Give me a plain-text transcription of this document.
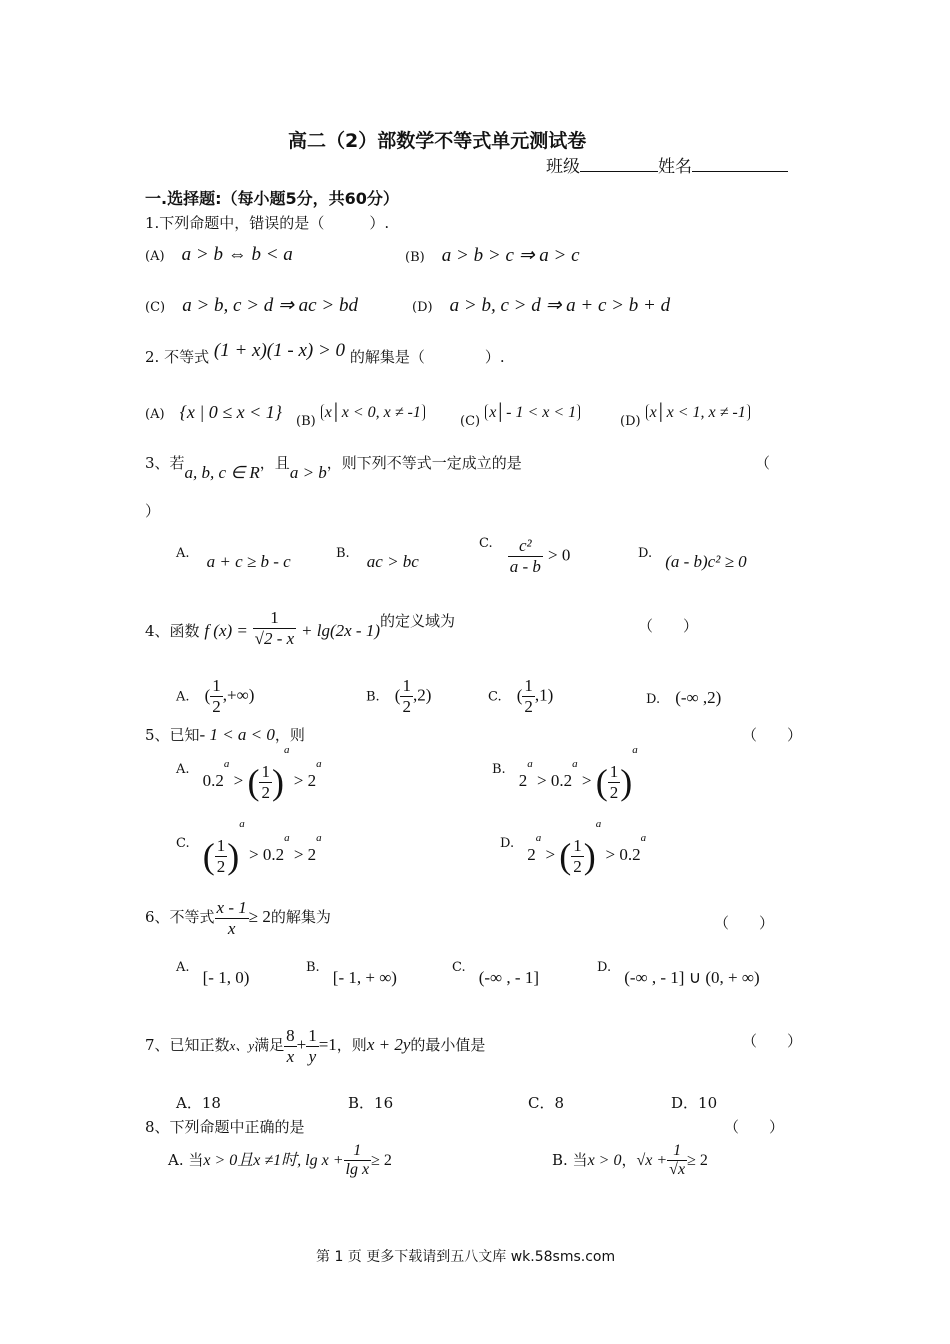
高二（2）部数学不等式单元测试卷
班级	姓名
一.选择题:（每小题5分，共60分）
1.下列命题中，错误的是（　　　）.
(A) a > b ⇔ b < a	(B) a > b > c ⇒ a > c
(C) a > b, c > d ⇒ ac > bd	(D) a > b, c > d ⇒ a + c > b + d
2. 不等式 (1 + x)(1 - x) > 0 的解集是（　　　　）.
(A) {x | 0 ≤ x < 1} $_{(B)}$ x│x < 0, x ≠ -1
$_{(C)}$ x│- 1 < x < 1
$_{(D)}$ x│x < 1, x ≠ -1
3、若a, b, c ∈ R，且a > b，则下列不等式一定成立的是	（
）
A. a + c ≥ b - c	B. ac > bc
$^{C.} \frac{\text{c²}}{a - b} > 0$	D. (a - b)c² ≥ 0
4、函数 f $(x) = \frac{1}{√2 - x} + \lg(2x - 1)$的定义域为	（　　）
A. ( $\frac{1}{2}$ ,+∞)	B. ( $\frac{1}{2} ,2$)	C. ( $\frac{1}{2} ,1$)	D. (-∞ ,2)
5、已知- 1 < a < 0，则	（　　）
$^{A.}$ 0.2$^a$ > ( $\frac{1}{2} )^a > 2^a$	$^{B.}$ $2^a > 0.2^a$ > ( $\frac{1}{2} )^a$
$^{C.}$ ( $\frac{1}{2} )^a > 0.2^a > 2^a$	$^{D.}$ $2^a$ > ( $\frac{1}{2} )^a > 0.2^a$
6、不等式 $\frac{x - 1}{x} \ge 2$的解集为	（　　）
$^{A.}$ [- 1, 0)
$^{B.}$ [- 1, + ∞)
$^{C.}$ (-∞ , - 1]
$^{D.}$ (-∞ , - 1] ∪ (0, + ∞)
7、已知正数x、y满足 $\frac{8}{x} + \frac{1}{y} =1$，则x + 2y的最小值是	（　　）
A．18	B．16	C．8	D．10
8、下列命题中正确的是	（　　）
A. 当x > 0且x ≠1时, $\lg x + \frac{1}{\text{lg x}} \ge 2$	B. 当x > 0，$√x + \frac{1}{√x} \ge 2$
第 1 页 更多下载请到五八文库 wk.58sms.com
